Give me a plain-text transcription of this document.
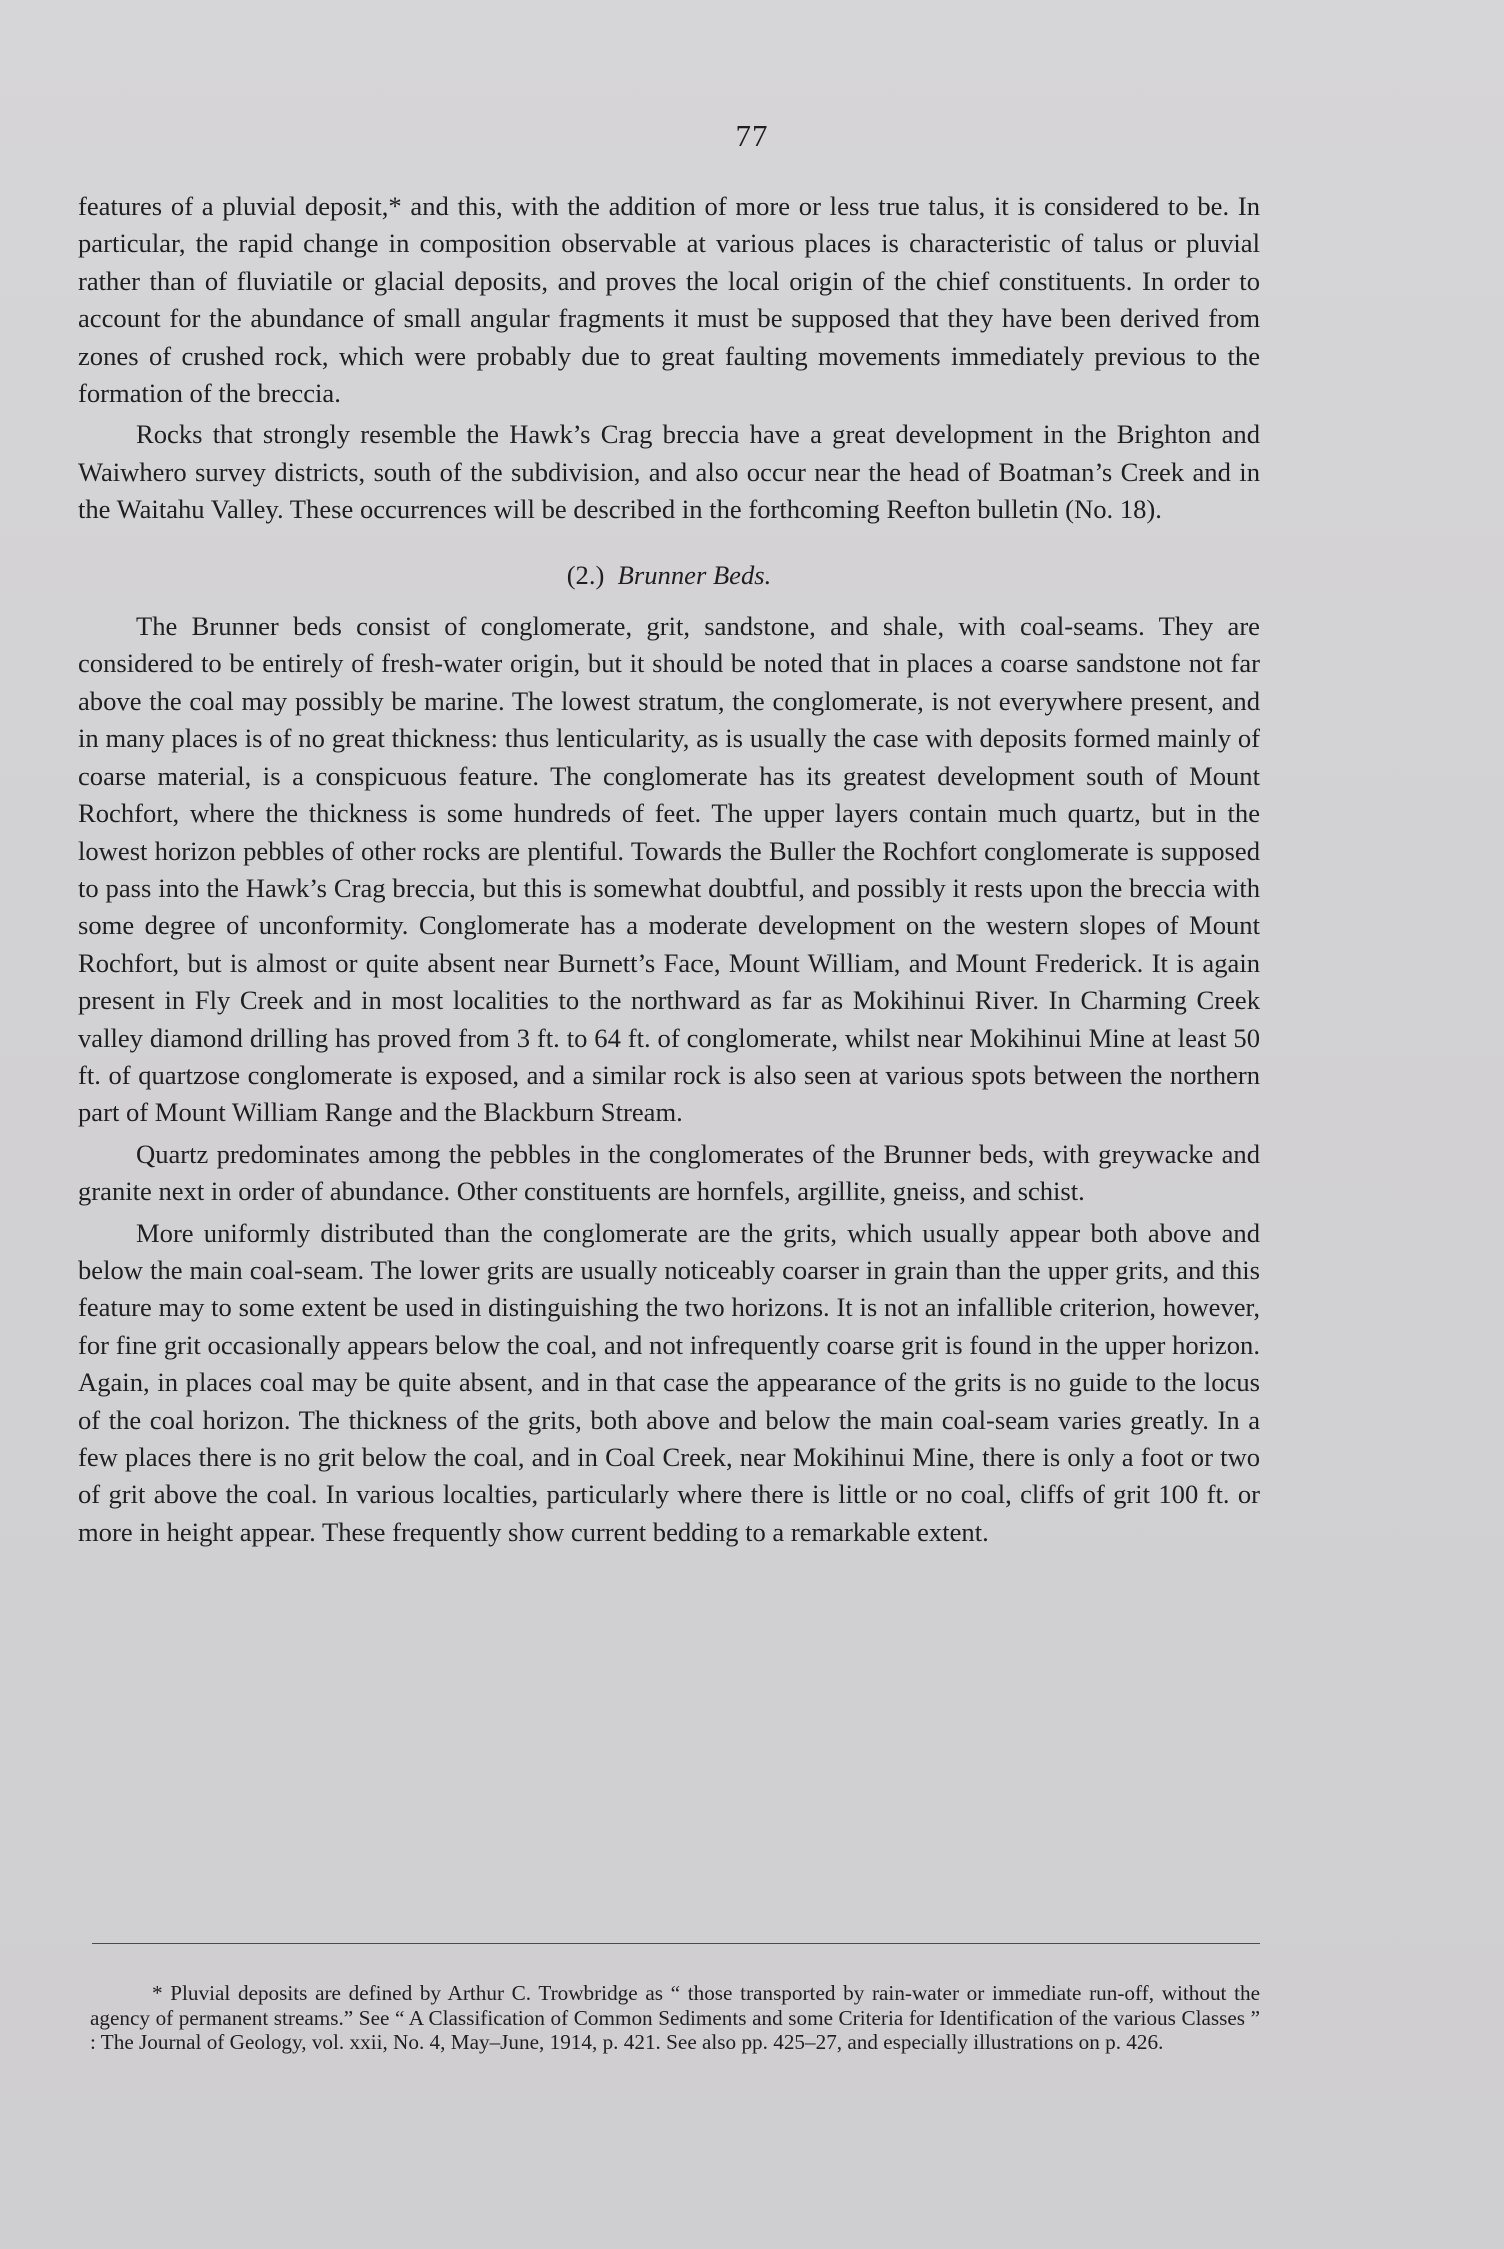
77

features of a pluvial deposit,* and this, with the addition of more or less true talus, it is considered to be. In particular, the rapid change in composition observable at various places is characteristic of talus or pluvial rather than of fluviatile or glacial deposits, and proves the local origin of the chief constituents. In order to account for the abundance of small angular fragments it must be supposed that they have been derived from zones of crushed rock, which were probably due to great faulting movements immediately previous to the formation of the breccia.

Rocks that strongly resemble the Hawk’s Crag breccia have a great development in the Brighton and Waiwhero survey districts, south of the subdivision, and also occur near the head of Boatman’s Creek and in the Waitahu Valley. These occurrences will be described in the forthcoming Reefton bulletin (No. 18).

(2.) Brunner Beds.

The Brunner beds consist of conglomerate, grit, sandstone, and shale, with coal-seams. They are considered to be entirely of fresh-water origin, but it should be noted that in places a coarse sandstone not far above the coal may possibly be marine. The lowest stratum, the conglomerate, is not everywhere present, and in many places is of no great thickness: thus lenticularity, as is usually the case with deposits formed mainly of coarse material, is a conspicuous feature. The conglomerate has its greatest development south of Mount Rochfort, where the thickness is some hundreds of feet. The upper layers contain much quartz, but in the lowest horizon pebbles of other rocks are plentiful. Towards the Buller the Rochfort conglomerate is supposed to pass into the Hawk’s Crag breccia, but this is somewhat doubtful, and possibly it rests upon the breccia with some degree of unconformity. Conglomerate has a moderate development on the western slopes of Mount Rochfort, but is almost or quite absent near Burnett’s Face, Mount William, and Mount Frederick. It is again present in Fly Creek and in most localities to the northward as far as Mokihinui River. In Charming Creek valley diamond drilling has proved from 3 ft. to 64 ft. of conglomerate, whilst near Mokihinui Mine at least 50 ft. of quartzose conglomerate is exposed, and a similar rock is also seen at various spots between the northern part of Mount William Range and the Blackburn Stream.

Quartz predominates among the pebbles in the conglomerates of the Brunner beds, with greywacke and granite next in order of abundance. Other constituents are hornfels, argillite, gneiss, and schist.

More uniformly distributed than the conglomerate are the grits, which usually appear both above and below the main coal-seam. The lower grits are usually noticeably coarser in grain than the upper grits, and this feature may to some extent be used in distinguishing the two horizons. It is not an infallible criterion, however, for fine grit occasionally appears below the coal, and not infrequently coarse grit is found in the upper horizon. Again, in places coal may be quite absent, and in that case the appearance of the grits is no guide to the locus of the coal horizon. The thickness of the grits, both above and below the main coal-seam varies greatly. In a few places there is no grit below the coal, and in Coal Creek, near Mokihinui Mine, there is only a foot or two of grit above the coal. In various localties, particularly where there is little or no coal, cliffs of grit 100 ft. or more in height appear. These frequently show current bedding to a remarkable extent.

* Pluvial deposits are defined by Arthur C. Trowbridge as “ those transported by rain-water or immediate run-off, without the agency of permanent streams.” See “ A Classification of Common Sediments and some Criteria for Identification of the various Classes ” : The Journal of Geology, vol. xxii, No. 4, May–June, 1914, p. 421. See also pp. 425–27, and especially illustrations on p. 426.
